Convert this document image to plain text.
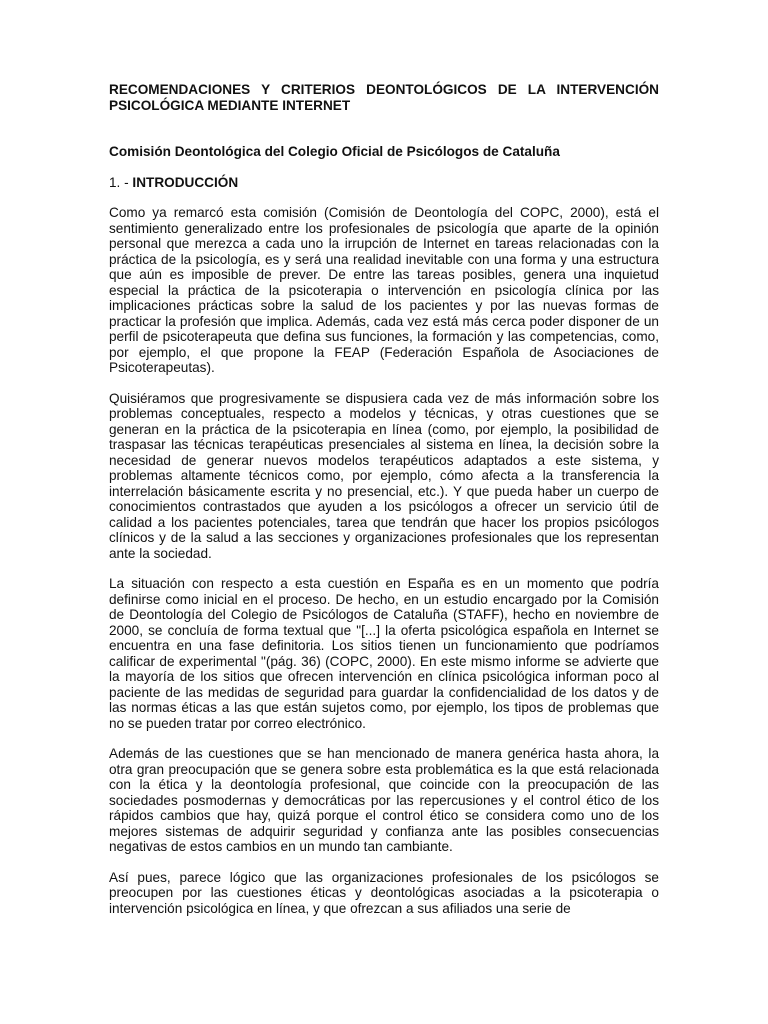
RECOMENDACIONES Y CRITERIOS DEONTOLÓGICOS DE LA INTERVENCIÓN PSICOLÓGICA MEDIANTE INTERNET
Comisión Deontológica del Colegio Oficial de Psicólogos de Cataluña
1. - INTRODUCCIÓN
Como ya remarcó esta comisión (Comisión de Deontología del COPC, 2000), está el sentimiento generalizado entre los profesionales de psicología que aparte de la opinión personal que merezca a cada uno la irrupción de Internet en tareas relacionadas con la práctica de la psicología, es y será una realidad inevitable con una forma y una estructura que aún es imposible de prever. De entre las tareas posibles, genera una inquietud especial la práctica de la psicoterapia o intervención en psicología clínica por las implicaciones prácticas sobre la salud de los pacientes y por las nuevas formas de practicar la profesión que implica. Además, cada vez está más cerca poder disponer de un perfil de psicoterapeuta que defina sus funciones, la formación y las competencias, como, por ejemplo, el que propone la FEAP (Federación Española de Asociaciones de Psicoterapeutas).
Quisiéramos que progresivamente se dispusiera cada vez de más información sobre los problemas conceptuales, respecto a modelos y técnicas, y otras cuestiones que se generan en la práctica de la psicoterapia en línea (como, por ejemplo, la posibilidad de traspasar las técnicas terapéuticas presenciales al sistema en línea, la decisión sobre la necesidad de generar nuevos modelos terapéuticos adaptados a este sistema, y problemas altamente técnicos como, por ejemplo, cómo afecta a la transferencia la interrelación básicamente escrita y no presencial, etc.). Y que pueda haber un cuerpo de conocimientos contrastados que ayuden a los psicólogos a ofrecer un servicio útil de calidad a los pacientes potenciales, tarea que tendrán que hacer los propios psicólogos clínicos y de la salud a las secciones y organizaciones profesionales que los representan ante la sociedad.
La situación con respecto a esta cuestión en España es en un momento que podría definirse como inicial en el proceso. De hecho, en un estudio encargado por la Comisión de Deontología del Colegio de Psicólogos de Cataluña (STAFF), hecho en noviembre de 2000, se concluía de forma textual que "[...] la oferta psicológica española en Internet se encuentra en una fase definitoria. Los sitios tienen un funcionamiento que podríamos calificar de experimental "(pág. 36) (COPC, 2000). En este mismo informe se advierte que la mayoría de los sitios que ofrecen intervención en clínica psicológica informan poco al paciente de las medidas de seguridad para guardar la confidencialidad de los datos y de las normas éticas a las que están sujetos como, por ejemplo, los tipos de problemas que no se pueden tratar por correo electrónico.
Además de las cuestiones que se han mencionado de manera genérica hasta ahora, la otra gran preocupación que se genera sobre esta problemática es la que está relacionada con la ética y la deontología profesional, que coincide con la preocupación de las sociedades posmodernas y democráticas por las repercusiones y el control ético de los rápidos cambios que hay, quizá porque el control ético se considera como uno de los mejores sistemas de adquirir seguridad y confianza ante las posibles consecuencias negativas de estos cambios en un mundo tan cambiante.
Así pues, parece lógico que las organizaciones profesionales de los psicólogos se preocupen por las cuestiones éticas y deontológicas asociadas a la psicoterapia o intervención psicológica en línea, y que ofrezcan a sus afiliados una serie de
